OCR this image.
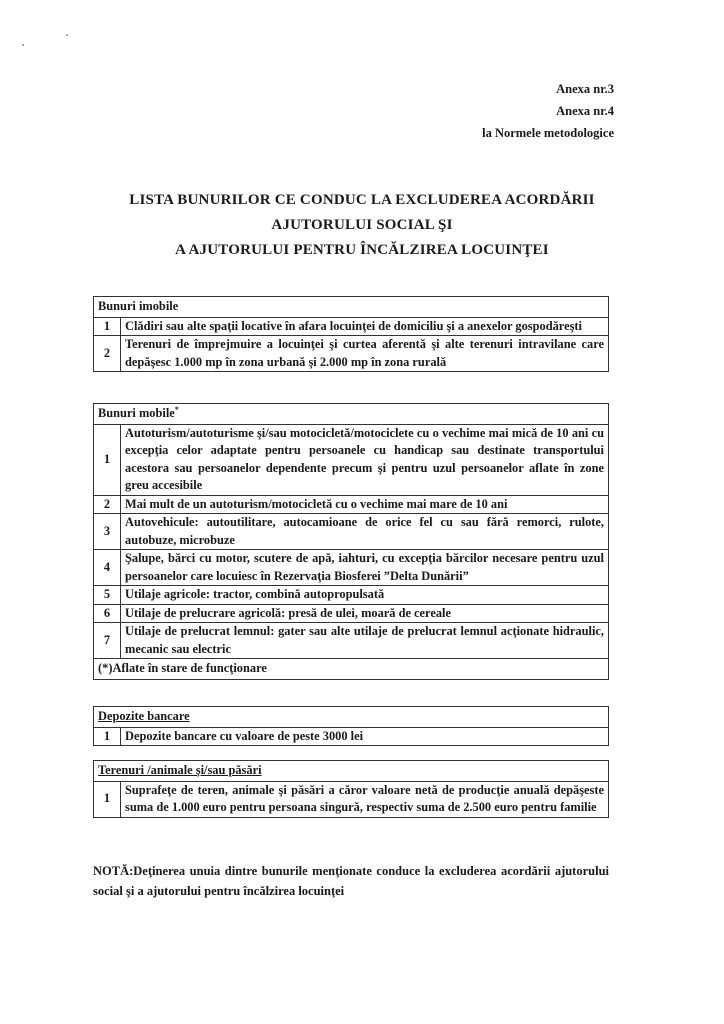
Anexa nr.3
Anexa nr.4
la Normele metodologice
LISTA BUNURILOR CE CONDUC LA EXCLUDEREA ACORDĂRII
AJUTORULUI SOCIAL ŞI
A AJUTORULUI PENTRU ÎNCĂLZIREA LOCUINŢEI
Bunuri imobile	
1	Clădiri sau alte spaţii locative în afara locuinţei de domiciliu şi a anexelor gospodăreşti
2	Terenuri de împrejmuire a locuinţei şi curtea aferentă şi alte terenuri intravilane care depăşesc 1.000 mp în zona urbană şi 2.000 mp în zona rurală
Bunuri mobile*
1	Autoturism/autoturisme şi/sau motocicletă/motociclete cu o vechime mai mică de 10 ani cu excepţia celor adaptate pentru persoanele cu handicap sau destinate transportului acestora sau persoanelor dependente precum şi pentru uzul persoanelor aflate în zone greu accesibile
2	Mai mult de un autoturism/motocicletă cu o vechime mai mare de 10 ani
3	Autovehicule: autoutilitare, autocamioane de orice fel cu sau fără remorci, rulote, autobuze, microbuze
4	Şalupe, bărci cu motor, scutere de apă, iahturi, cu excepţia bărcilor necesare pentru uzul persoanelor care locuiesc în Rezervaţia Biosferei ”Delta Dunării”
5	Utilaje agricole: tractor, combină autopropulsată
6	Utilaje de prelucrare agricolă: presă de ulei, moară de cereale
7	Utilaje de prelucrat lemnul: gater sau alte utilaje de prelucrat lemnul acţionate hidraulic, mecanic sau electric
(*)Aflate în stare de funcţionare	
Depozite bancare
1	Depozite bancare cu valoare de peste 3000 lei
Terenuri /animale şi/sau păsări
1	Suprafeţe de teren, animale şi păsări a căror valoare netă de producţie anuală depăşeste suma de 1.000 euro pentru persoana singură, respectiv suma de 2.500 euro pentru familie
NOTĂ:Deţinerea unuia dintre bunurile menţionate conduce la excluderea acordării ajutorului social şi a ajutorului pentru încălzirea locuinţei
